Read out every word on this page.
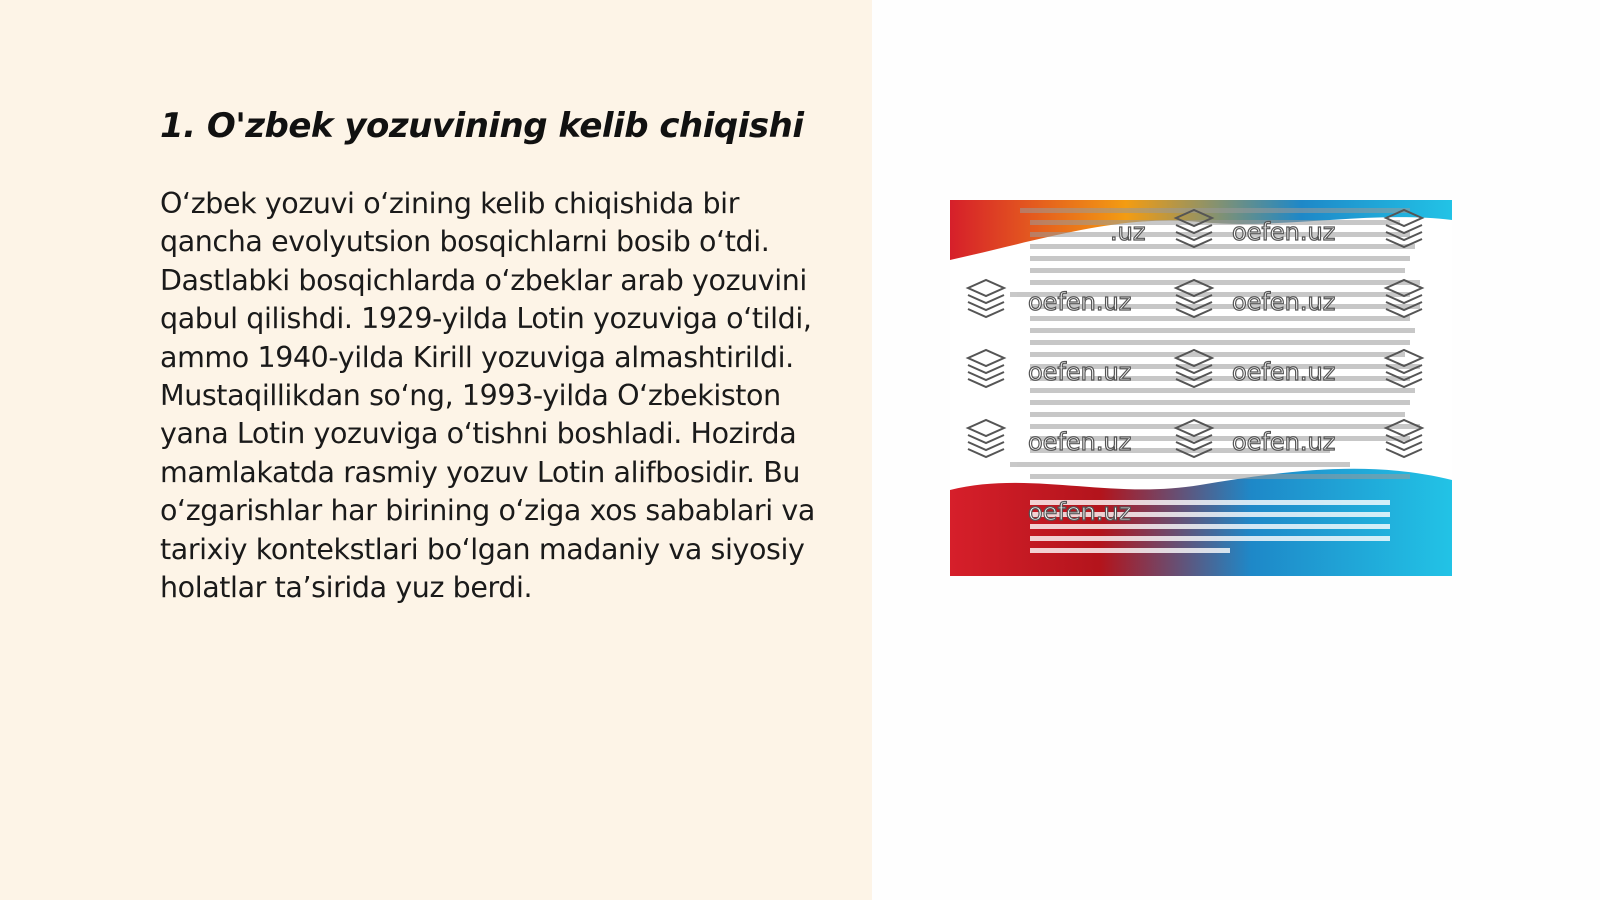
1. O'zbek yozuvining kelib chiqishi

O‘zbek yozuvi o‘zining kelib chiqishida bir qancha evolyutsion bosqichlarni bosib o‘tdi. Dastlabki bosqichlarda o‘zbeklar arab yozuvini qabul qilishdi. 1929-yilda Lotin yozuviga o‘tildi, ammo 1940-yilda Kirill yozuviga almashtirildi. Mustaqillikdan so‘ng, 1993-yilda O‘zbekiston yana Lotin yozuviga o‘tishni boshladi. Hozirda mamlakatda rasmiy yozuv Lotin alifbosidir. Bu o‘zgarishlar har birining o‘ziga xos sabablari va tarixiy kontekstlari bo‘lgan madaniy va siyosiy holatlar ta’sirida yuz berdi.

oefen.uz
oefen.uz	oefen.uz
oefen.uz	oefen.uz
oefen.uz	oefen.uz
oefen.uz
.uz
